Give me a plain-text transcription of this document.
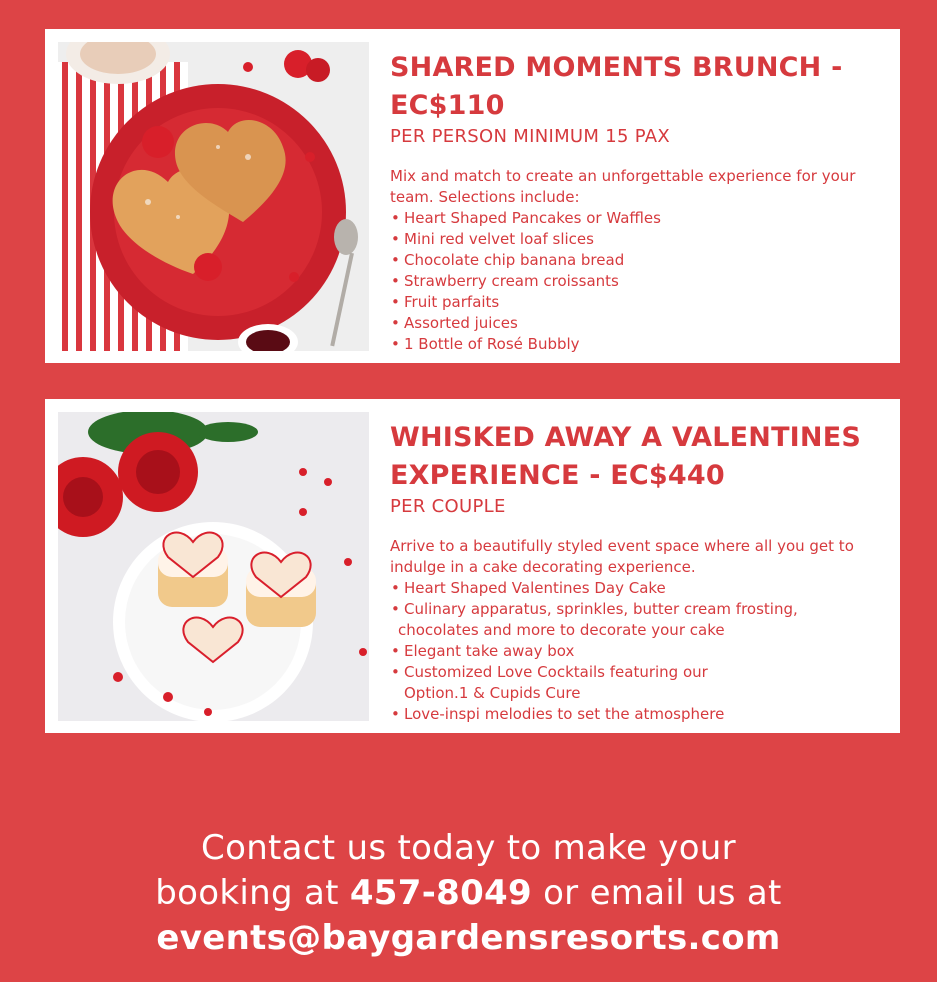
SHARED MOMENTS BRUNCH - EC$110
PER PERSON MINIMUM 15 PAX
Mix and match to create an unforgettable experience for your team. Selections include:
• Heart Shaped Pancakes or Waffles
• Mini red velvet loaf slices
• Chocolate chip banana bread
• Strawberry cream croissants
• Fruit parfaits
• Assorted juices
• 1 Bottle of Rosé Bubbly
WHISKED AWAY A VALENTINES EXPERIENCE - EC$440
PER COUPLE
Arrive to a beautifully styled event space where all you get to indulge in a cake decorating experience.
• Heart Shaped Valentines Day Cake
• Culinary apparatus, sprinkles, butter cream frosting,
chocolates and more to decorate your cake
• Elegant take away box
• Customized Love Cocktails featuring our
Option.1 & Cupids Cure
• Love-inspi melodies to set the atmosphere
Contact us today to make your
booking at 457-8049 or email us at
events@baygardensresorts.com
